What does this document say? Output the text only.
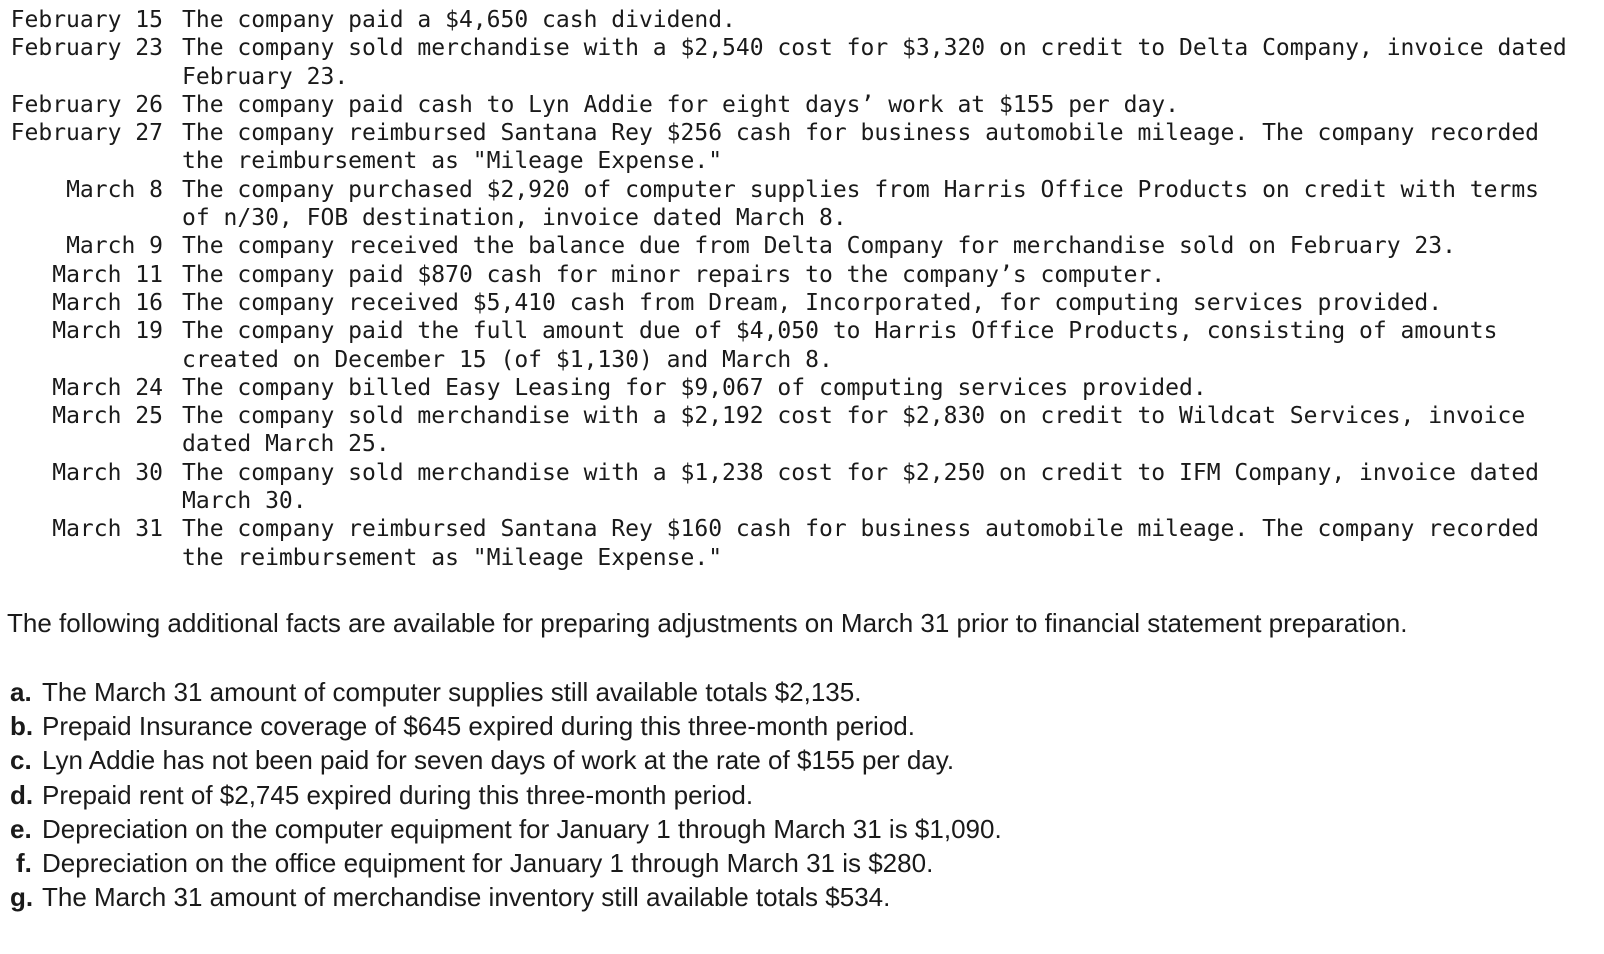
February 15 The company paid a $4,650 cash dividend.
February 23 The company sold merchandise with a $2,540 cost for $3,320 on credit to Delta Company, invoice dated February 23.
February 26 The company paid cash to Lyn Addie for eight days’ work at $155 per day.
February 27 The company reimbursed Santana Rey $256 cash for business automobile mileage. The company recorded the reimbursement as "Mileage Expense."
March 8 The company purchased $2,920 of computer supplies from Harris Office Products on credit with terms of n/30, FOB destination, invoice dated March 8.
March 9 The company received the balance due from Delta Company for merchandise sold on February 23.
March 11 The company paid $870 cash for minor repairs to the company’s computer.
March 16 The company received $5,410 cash from Dream, Incorporated, for computing services provided.
March 19 The company paid the full amount due of $4,050 to Harris Office Products, consisting of amounts created on December 15 (of $1,130) and March 8.
March 24 The company billed Easy Leasing for $9,067 of computing services provided.
March 25 The company sold merchandise with a $2,192 cost for $2,830 on credit to Wildcat Services, invoice dated March 25.
March 30 The company sold merchandise with a $1,238 cost for $2,250 on credit to IFM Company, invoice dated March 30.
March 31 The company reimbursed Santana Rey $160 cash for business automobile mileage. The company recorded the reimbursement as "Mileage Expense."

The following additional facts are available for preparing adjustments on March 31 prior to financial statement preparation.

a. The March 31 amount of computer supplies still available totals $2,135.
b. Prepaid Insurance coverage of $645 expired during this three-month period.
c. Lyn Addie has not been paid for seven days of work at the rate of $155 per day.
d. Prepaid rent of $2,745 expired during this three-month period.
e. Depreciation on the computer equipment for January 1 through March 31 is $1,090.
f. Depreciation on the office equipment for January 1 through March 31 is $280.
g. The March 31 amount of merchandise inventory still available totals $534.
